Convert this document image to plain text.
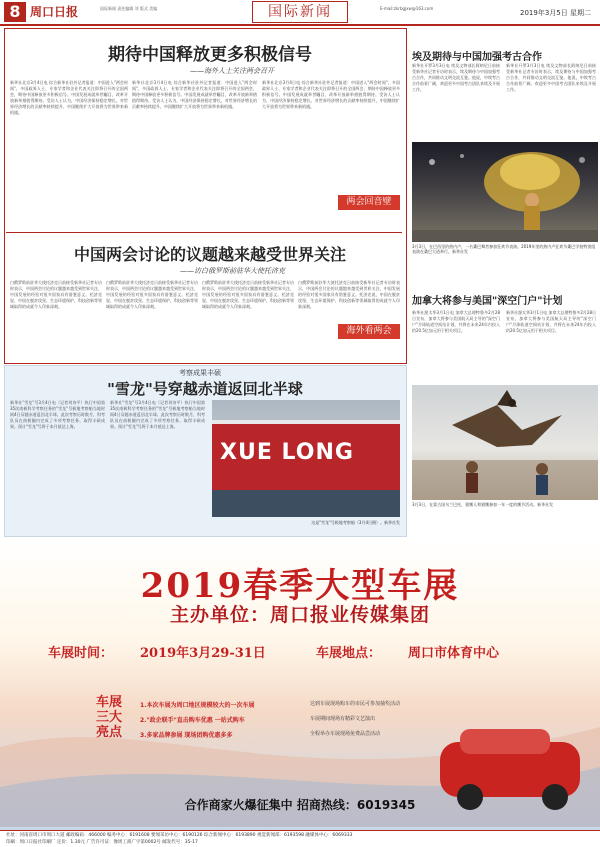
8 周口日报	国际新闻 责任编辑 刘 版式 美编	国际新闻	E-mail:zkrbgjxw@163.com
2019年3月5日 星期二
期待中国释放更多积极信号
——海外人士关注两会召开
新华社北京3月4日电 综合新华社驻外记者报道：中国进入"两会时间"，多国政界人士、专家学者和企业代表关注即将召开的全国两会，期待中国释放更多积极信号。中国发展成就举世瞩目，改革开放新举措值得期待。受访人士认为，中国经济保持稳定增长，对世界经济增长的贡献率持续提升，中国继续扩大开放将为世界带来新机遇。
新华社北京3月4日电 综合新华社驻外记者报道：中国进入"两会时间"，多国政界人士、专家学者和企业代表关注即将召开的全国两会，期待中国释放更多积极信号。中国发展成就举世瞩目，改革开放新举措值得期待。受访人士认为，中国经济保持稳定增长，对世界经济增长的贡献率持续提升，中国继续扩大开放将为世界带来新机遇。
新华社北京3月4日电 综合新华社驻外记者报道：中国进入"两会时间"，多国政界人士、专家学者和企业代表关注即将召开的全国两会，期待中国释放更多积极信号。中国发展成就举世瞩目，改革开放新举措值得期待。受访人士认为，中国经济保持稳定增长，对世界经济增长的贡献率持续提升，中国继续扩大开放将为世界带来新机遇。
两会回音壁
中国两会讨论的议题越来越受世界关注
——访白俄罗斯前驻华大使托济克
白俄罗斯前驻华大使托济克日前接受新华社记者专访时表示，中国两会讨论的议题越来越受到世界关注，中国发展的经验对很多国家具有借鉴意义。托济克说，中国在脱贫攻坚、生态环境保护、科技创新等领域取得的成就令人印象深刻。
白俄罗斯前驻华大使托济克日前接受新华社记者专访时表示，中国两会讨论的议题越来越受到世界关注，中国发展的经验对很多国家具有借鉴意义。托济克说，中国在脱贫攻坚、生态环境保护、科技创新等领域取得的成就令人印象深刻。
白俄罗斯前驻华大使托济克日前接受新华社记者专访时表示，中国两会讨论的议题越来越受到世界关注，中国发展的经验对很多国家具有借鉴意义。托济克说，中国在脱贫攻坚、生态环境保护、科技创新等领域取得的成就令人印象深刻。
白俄罗斯前驻华大使托济克日前接受新华社记者专访时表示，中国两会讨论的议题越来越受到世界关注，中国发展的经验对很多国家具有借鉴意义。托济克说，中国在脱贫攻坚、生态环境保护、科技创新等领域取得的成就令人印象深刻。
海外看两会
埃及期待与中国加强考古合作
新华社开罗3月3日电 埃及文物部长阿纳尼日前接受新华社记者专访时表示，埃及期待与中国加强考古合作，共同推动文明交流互鉴。他说，中埃考古合作前景广阔，欢迎更多中国考古团队来埃及开展工作。
新华社开罗3月3日电 埃及文物部长阿纳尼日前接受新华社记者专访时表示，埃及期待与中国加强考古合作，共同推动文明交流互鉴。他说，中埃考古合作前景广阔，欢迎更多中国考古团队来埃及开展工作。
3月3日，在巴西里约热内卢，一名桑巴舞者参加狂欢节表演。2019年里约热内卢狂欢节桑巴学校特别组表演在桑巴大道举行。新华社发
加拿大将参与美国"深空门户"计划
新华社渥太华3月1日电 加拿大总理特鲁多2月28日宣布，加拿大将参与美国航天局主导的"深空门户"月球轨道空间站计划，并将在未来24年内投入约20.5亿加元用于相关项目。
新华社渥太华3月1日电 加拿大总理特鲁多2月28日宣布，加拿大将参与美国航天局主导的"深空门户"月球轨道空间站计划，并将在未来24年内投入约20.5亿加元用于相关项目。
3月3日，在蒙古国乌兰巴托，猎鹰人和猎鹰参加一年一度的鹰节活动。新华社发
考察成果丰硕
"雪龙"号穿越赤道返回北半球
新华社"雪龙"号3月4日电（记者刘诗平）执行中国第35次南极科学考察任务的"雪龙"号极地考察船当地时间4日穿越赤道返回北半球。此次考察历时数月，科考队员在南极圈内完成了多项考察任务，取得丰硕成果。预计"雪龙"号将于本月抵达上海。
新华社"雪龙"号3月4日电（记者刘诗平）执行中国第35次南极科学考察任务的"雪龙"号极地考察船当地时间4日穿越赤道返回北半球。此次考察历时数月，科考队员在南极圈内完成了多项考察任务，取得丰硕成果。预计"雪龙"号将于本月抵达上海。
XUE LONG
这是"雪龙"号极地考察船（3月4日摄）。新华社发
2019春季大型车展
主办单位：周口报业传媒集团
车展时间： 2019年3月29-31日	车展地点： 周口市体育中心
车展三大亮点
1.本次车展为周口地区规模较大的一次车展
2."政企联手"直击购车优惠 一站式购车
3.多家品牌参展 现场团购优惠多多
达到车展现场购车的市民可参加抽奖活动
车展期间现场有精彩文艺演出
全程举办车展现场免费品尝活动
合作商家火爆征集中 招商热线：6019345
社址：河南省周口市周口大道 邮政编码：466000 编务中心：6191608 要闻采访中心：6190126 综合新闻中心：6193890 视觉新闻部：6193598 融媒体中心：6069333
印刷：周口日报社印刷厂 定价：1.30元 广告许可证：豫周工商广字第0002号 邮发代号：35-17
